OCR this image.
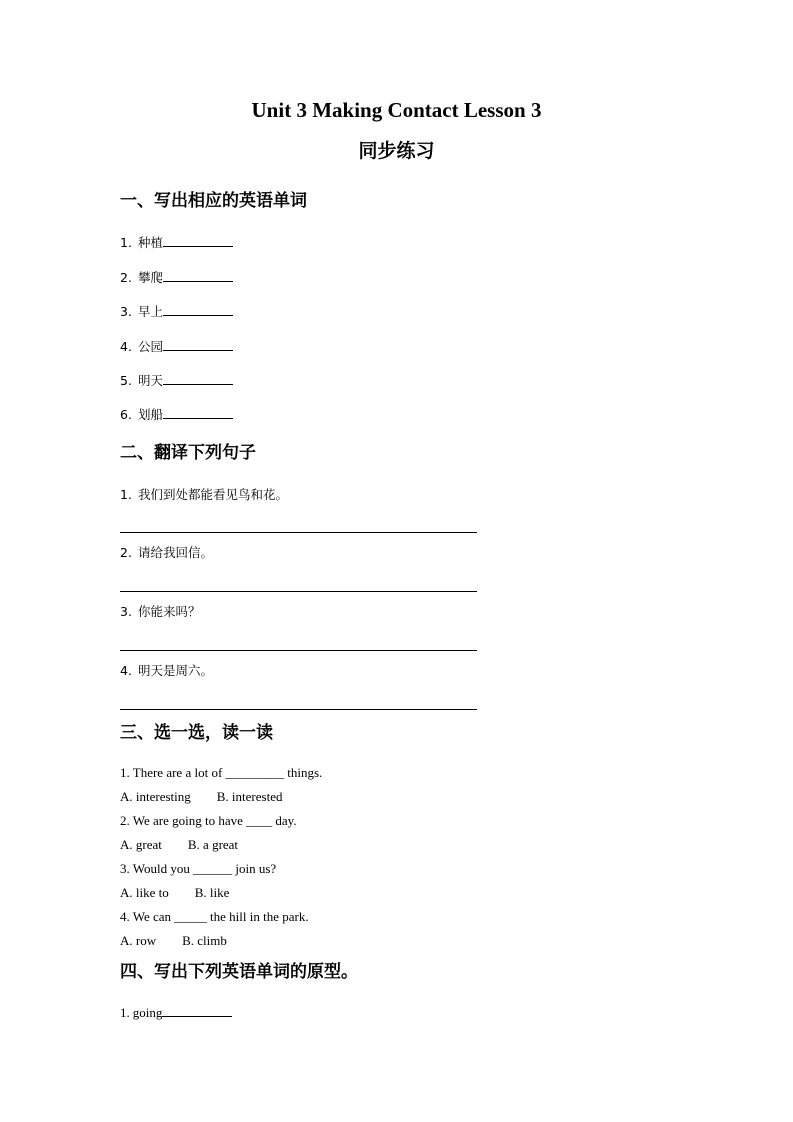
Unit 3 Making Contact Lesson 3
同步练习
一、写出相应的英语单词
1. 种植
2. 攀爬
3. 早上
4. 公园
5. 明天
6. 划船
二、翻译下列句子
1. 我们到处都能看见鸟和花。
2. 请给我回信。
3. 你能来吗？
4. 明天是周六。
三、选一选，读一读
1. There are a lot of _________ things.
A. interesting B. interested
2. We are going to have ____ day.
A. great B. a great
3. Would you ______ join us?
A. like to B. like
4. We can _____ the hill in the park.
A. row B. climb
四、写出下列英语单词的原型。
1. going
